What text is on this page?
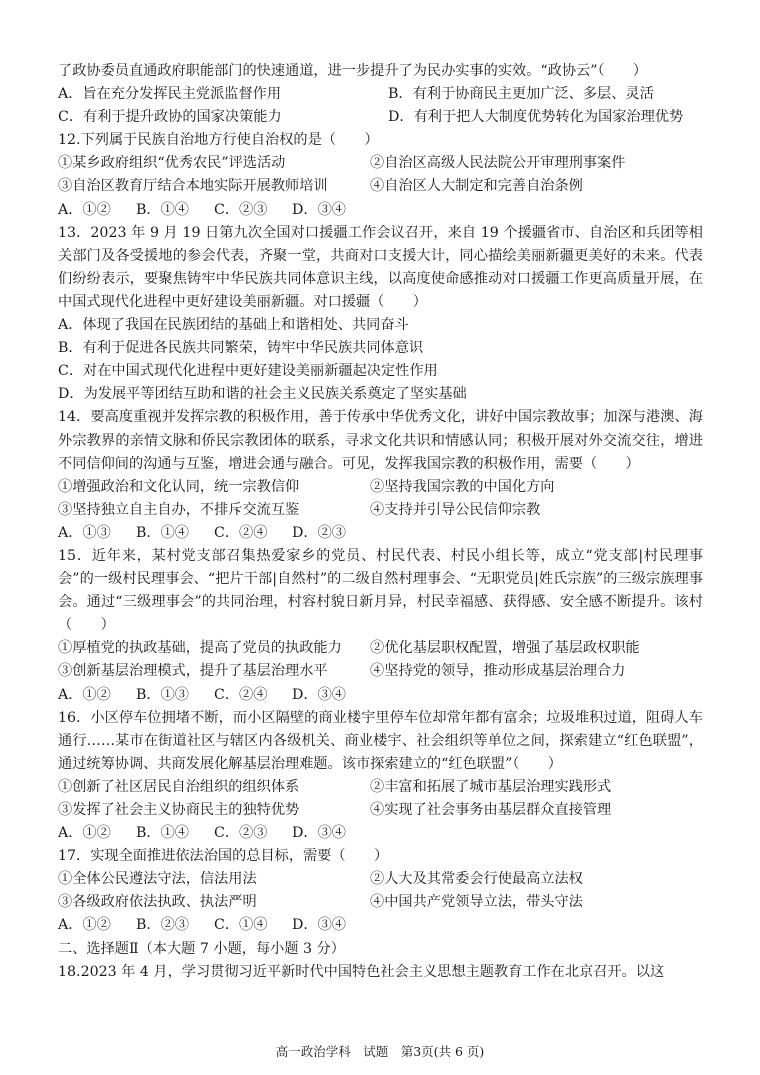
了政协委员直通政府职能部门的快速通道，进一步提升了为民办实事的实效。“政协云”（　　）
A．旨在充分发挥民主党派监督作用	B．有利于协商民主更加广泛、多层、灵活
C．有利于提升政协的国家决策能力	D．有利于把人大制度优势转化为国家治理优势
12.下列属于民族自治地方行使自治权的是（　　）
①某乡政府组织“优秀农民”评选活动	②自治区高级人民法院公开审理刑事案件
③自治区教育厅结合本地实际开展教师培训	④自治区人大制定和完善自治条例
A．①②	B．①④	C．②③	D．③④
13．2023 年 9 月 19 日第九次全国对口援疆工作会议召开，来自 19 个援疆省市、自治区和兵团等相关部门及各受援地的参会代表，齐聚一堂，共商对口支援大计，同心描绘美丽新疆更美好的未来。代表们纷纷表示，要聚焦铸牢中华民族共同体意识主线，以高度使命感推动对口援疆工作更高质量开展，在中国式现代化进程中更好建设美丽新疆。对口援疆（　　）
A．体现了我国在民族团结的基础上和谐相处、共同奋斗
B．有利于促进各民族共同繁荣，铸牢中华民族共同体意识
C．对在中国式现代化进程中更好建设美丽新疆起决定性作用
D．为发展平等团结互助和谐的社会主义民族关系奠定了坚实基础
14．要高度重视并发挥宗教的积极作用，善于传承中华优秀文化，讲好中国宗教故事；加深与港澳、海外宗教界的亲情文脉和侨民宗教团体的联系，寻求文化共识和情感认同；积极开展对外交流交往，增进不同信仰间的沟通与互鉴，增进会通与融合。可见，发挥我国宗教的积极作用，需要（　　）
①增强政治和文化认同，统一宗教信仰	②坚持我国宗教的中国化方向
③坚持独立自主自办，不排斥交流互鉴	④支持并引导公民信仰宗教
A．①③	B．①④	C．②④	D．②③
15．近年来，某村党支部召集热爱家乡的党员、村民代表、村民小组长等，成立“党支部|村民理事会”的一级村民理事会、“把片干部|自然村”的二级自然村理事会、“无职党员|姓氏宗族”的三级宗族理事会。通过“三级理事会”的共同治理，村容村貌日新月异，村民幸福感、获得感、安全感不断提升。该村（　　）
①厚植党的执政基础，提高了党员的执政能力	②优化基层职权配置，增强了基层政权职能
③创新基层治理模式，提升了基层治理水平	④坚持党的领导，推动形成基层治理合力
A．①②	B．①③	C．②④	D．③④
16．小区停车位拥堵不断，而小区隔壁的商业楼宇里停车位却常年都有富余；垃圾堆积过道，阻碍人车通行……某市在街道社区与辖区内各级机关、商业楼宇、社会组织等单位之间，探索建立“红色联盟”，通过统筹协调、共商发展化解基层治理难题。该市探索建立的“红色联盟”（　　）
①创新了社区居民自治组织的组织体系	②丰富和拓展了城市基层治理实践形式
③发挥了社会主义协商民主的独特优势	④实现了社会事务由基层群众直接管理
A．①②	B．①④	C．②③	D．③④
17．实现全面推进依法治国的总目标，需要（　　）
①全体公民遵法守法，信法用法	②人大及其常委会行使最高立法权
③各级政府依法执政、执法严明	④中国共产党领导立法，带头守法
A．①②	B．②③	C．①④	D．③④
二、选择题Ⅱ（本大题 7 小题，每小题 3 分）
18.2023 年 4 月，学习贯彻习近平新时代中国特色社会主义思想主题教育工作在北京召开。以这
高一政治学科　试题　第3页(共 6 页)
